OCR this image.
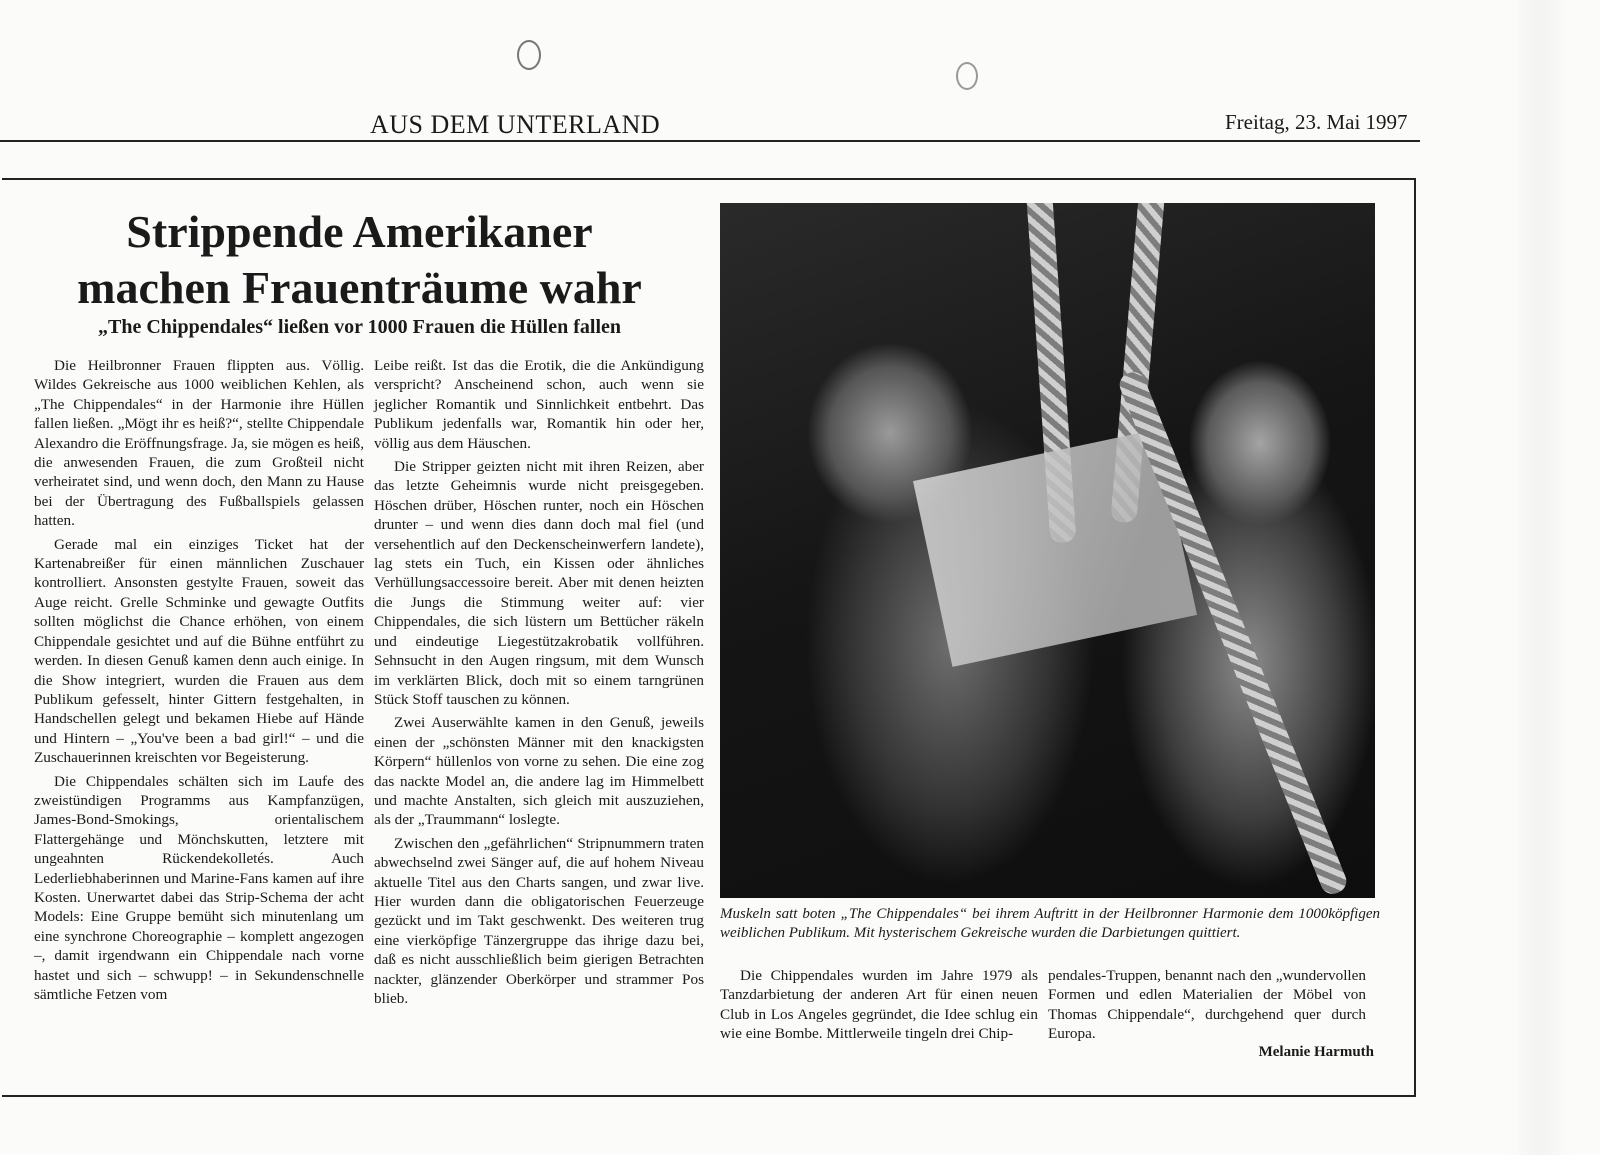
AUS DEM UNTERLAND	Freitag, 23. Mai 1997
Strippende Amerikaner
machen Frauenträume wahr
„The Chippendales“ ließen vor 1000 Frauen die Hüllen fallen

Die Heilbronner Frauen flippten aus. Völlig. Wildes Gekreische aus 1000 weiblichen Kehlen, als „The Chippendales“ in der Harmonie ihre Hüllen fallen ließen. „Mögt ihr es heiß?“, stellte Chippendale Alexandro die Eröffnungsfrage. Ja, sie mögen es heiß, die anwesenden Frauen, die zum Großteil nicht verheiratet sind, und wenn doch, den Mann zu Hause bei der Übertragung des Fußballspiels gelassen hatten.

Gerade mal ein einziges Ticket hat der Kartenabreißer für einen männlichen Zuschauer kontrolliert. Ansonsten gestylte Frauen, soweit das Auge reicht. Grelle Schminke und gewagte Outfits sollten möglichst die Chance erhöhen, von einem Chippendale gesichtet und auf die Bühne entführt zu werden. In diesen Genuß kamen denn auch einige. In die Show integriert, wurden die Frauen aus dem Publikum gefesselt, hinter Gittern festgehalten, in Handschellen gelegt und bekamen Hiebe auf Hände und Hintern – „You've been a bad girl!“ – und die Zuschauerinnen kreischten vor Begeisterung.

Die Chippendales schälten sich im Laufe des zweistündigen Programms aus Kampfanzügen, James-Bond-Smokings, orientalischem Flattergehänge und Mönchskutten, letztere mit ungeahnten Rückendekolletés. Auch Lederliebhaberinnen und Marine-Fans kamen auf ihre Kosten. Unerwartet dabei das Strip-Schema der acht Models: Eine Gruppe bemüht sich minutenlang um eine synchrone Choreographie – komplett angezogen –, damit irgendwann ein Chippendale nach vorne hastet und sich – schwupp! – in Sekundenschnelle sämtliche Fetzen vom

Leibe reißt. Ist das die Erotik, die die Ankündigung verspricht? Anscheinend schon, auch wenn sie jeglicher Romantik und Sinnlichkeit entbehrt. Das Publikum jedenfalls war, Romantik hin oder her, völlig aus dem Häuschen.

Die Stripper geizten nicht mit ihren Reizen, aber das letzte Geheimnis wurde nicht preisgegeben. Höschen drüber, Höschen runter, noch ein Höschen drunter – und wenn dies dann doch mal fiel (und versehentlich auf den Deckenscheinwerfern landete), lag stets ein Tuch, ein Kissen oder ähnliches Verhüllungsaccessoire bereit. Aber mit denen heizten die Jungs die Stimmung weiter auf: vier Chippendales, die sich lüstern um Bettücher räkeln und eindeutige Liegestützakrobatik vollführen. Sehnsucht in den Augen ringsum, mit dem Wunsch im verklärten Blick, doch mit so einem tarngrünen Stück Stoff tauschen zu können.

Zwei Auserwählte kamen in den Genuß, jeweils einen der „schönsten Männer mit den knackigsten Körpern“ hüllenlos von vorne zu sehen. Die eine zog das nackte Model an, die andere lag im Himmelbett und machte Anstalten, sich gleich mit auszuziehen, als der „Traummann“ loslegte.

Zwischen den „gefährlichen“ Stripnummern traten abwechselnd zwei Sänger auf, die auf hohem Niveau aktuelle Titel aus den Charts sangen, und zwar live. Hier wurden dann die obligatorischen Feuerzeuge gezückt und im Takt geschwenkt. Des weiteren trug eine vierköpfige Tänzergruppe das ihrige dazu bei, daß es nicht ausschließlich beim gierigen Betrachten nackter, glänzender Oberkörper und strammer Pos blieb.

Muskeln satt boten „The Chippendales“ bei ihrem Auftritt in der Heilbronner Harmonie dem 1000köpfigen weiblichen Publikum. Mit hysterischem Gekreische wurden die Darbietungen quittiert.

Die Chippendales wurden im Jahre 1979 als Tanzdarbietung der anderen Art für einen neuen Club in Los Angeles gegründet, die Idee schlug ein wie eine Bombe. Mittlerweile tingeln drei Chip-

pendales-Truppen, benannt nach den „wundervollen Formen und edlen Materialien der Möbel von Thomas Chippendale“, durchgehend quer durch Europa.

Melanie Harmuth
